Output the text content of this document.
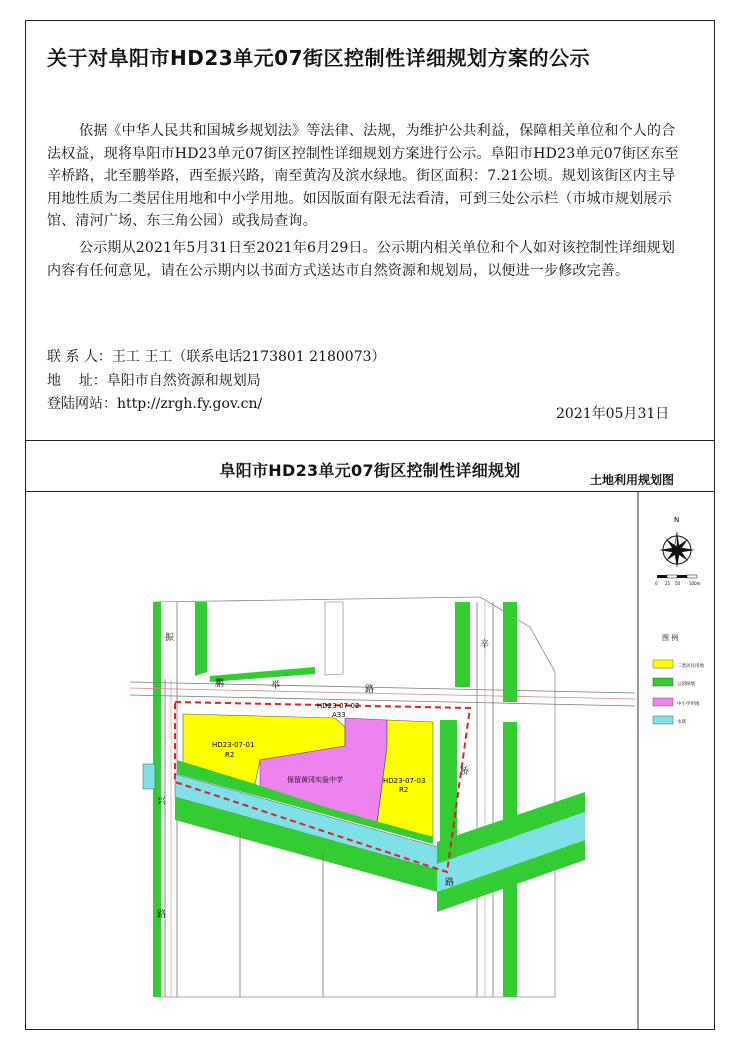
关于对阜阳市HD23单元07街区控制性详细规划方案的公示

依据《中华人民共和国城乡规划法》等法律、法规，为维护公共利益，保障相关单位和个人的合法权益，现将阜阳市HD23单元07街区控制性详细规划方案进行公示。阜阳市HD23单元07街区东至辛桥路，北至鹏举路，西至振兴路，南至黄沟及滨水绿地。街区面积：7.21公顷。规划该街区内主导用地性质为二类居住用地和中小学用地。如因版面有限无法看清，可到三处公示栏（市城市规划展示馆、清河广场、东三角公园）或我局查询。

公示期从2021年5月31日至2021年6月29日。公示期内相关单位和个人如对该控制性详细规划内容有任何意见，请在公示期内以书面方式送达市自然资源和规划局，以便进一步修改完善。

联 系 人：王工 王工（联系电话2173801 2180073）
地    址：阜阳市自然资源和规划局
登陆网站：http://zrgh.fy.gov.cn/
2021年05月31日
阜阳市HD23单元07街区控制性详细规划	土地利用规划图
振
兴
路
鹏	举	路
辛
桥
路
HD23-07-01
R2
HD23-07-02
A33
保留黄冈实验中学	HD23-07-03
R2
N
0 25 50 100m
图 例
二类居住用地
公园绿地
中小学用地
水域
